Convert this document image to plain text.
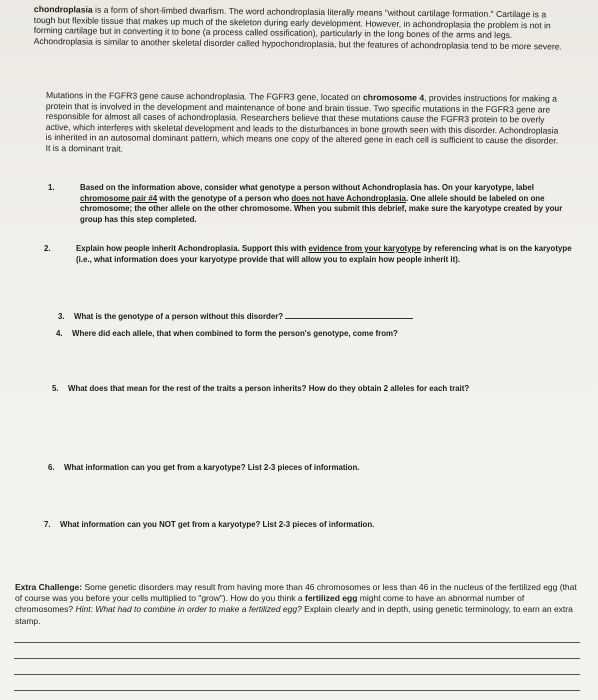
chondroplasia is a form of short-limbed dwarfism. The word achondroplasia literally means "without cartilage formation." Cartilage is a tough but flexible tissue that makes up much of the skeleton during early development. However, in achondroplasia the problem is not in forming cartilage but in converting it to bone (a process called ossification), particularly in the long bones of the arms and legs. Achondroplasia is similar to another skeletal disorder called hypochondroplasia, but the features of achondroplasia tend to be more severe.

Mutations in the FGFR3 gene cause achondroplasia. The FGFR3 gene, located on chromosome 4, provides instructions for making a protein that is involved in the development and maintenance of bone and brain tissue. Two specific mutations in the FGFR3 gene are responsible for almost all cases of achondroplasia. Researchers believe that these mutations cause the FGFR3 protein to be overly active, which interferes with skeletal development and leads to the disturbances in bone growth seen with this disorder. Achondroplasia is inherited in an autosomal dominant pattern, which means one copy of the altered gene in each cell is sufficient to cause the disorder. It is a dominant trait.

1.	Based on the information above, consider what genotype a person without Achondroplasia has. On your karyotype, label chromosome pair #4 with the genotype of a person who does not have Achondroplasia. One allele should be labeled on one chromosome; the other allele on the other chromosome. When you submit this debrief, make sure the karyotype created by your group has this step completed.

2.	Explain how people inherit Achondroplasia. Support this with evidence from your karyotype by referencing what is on the karyotype (i.e., what information does your karyotype provide that will allow you to explain how people inherit it).

3. What is the genotype of a person without this disorder?

4. Where did each allele, that when combined to form the person's genotype, come from?

5. What does that mean for the rest of the traits a person inherits? How do they obtain 2 alleles for each trait?

6. What information can you get from a karyotype? List 2-3 pieces of information.

7. What information can you NOT get from a karyotype? List 2-3 pieces of information.

Extra Challenge: Some genetic disorders may result from having more than 46 chromosomes or less than 46 in the nucleus of the fertilized egg (that of course was you before your cells multiplied to "grow"). How do you think a fertilized egg might come to have an abnormal number of chromosomes? Hint: What had to combine in order to make a fertilized egg? Explain clearly and in depth, using genetic terminology, to earn an extra stamp.
